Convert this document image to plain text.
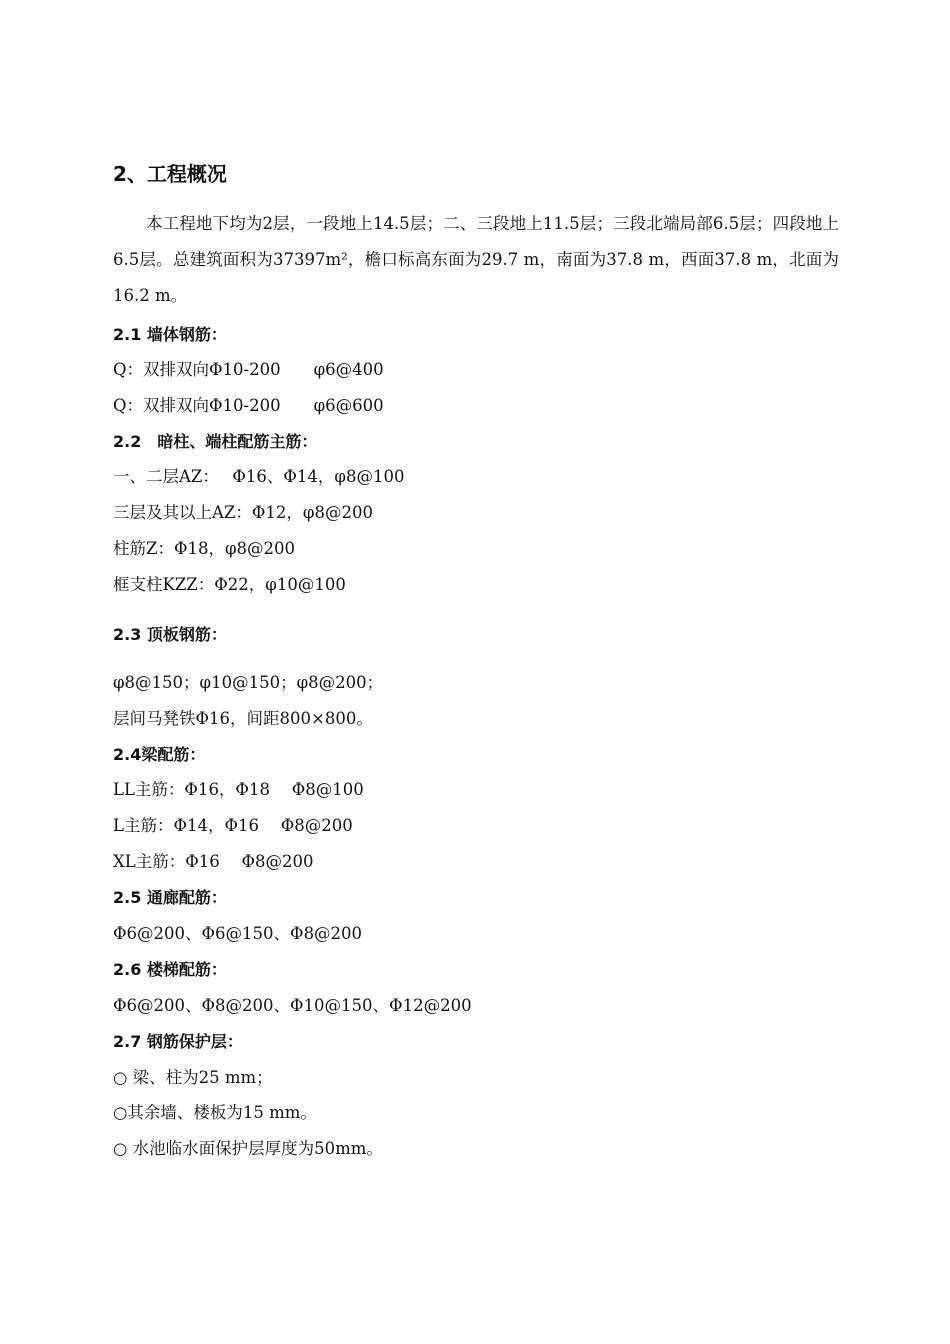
2、工程概况
本工程地下均为2层，一段地上14.5层；二、三段地上11.5层；三段北端局部6.5层；四段地上6.5层。总建筑面积为37397m²，檐口标高东面为29.7 m，南面为37.8 m，西面37.8 m，北面为16.2 m。
2.1 墙体钢筋：
Q：双排双向Φ10-200　　φ6@400
Q：双排双向Φ10-200　　φ6@600
2.2　暗柱、端柱配筋主筋：
一、二层AZ：　 Φ16、Φ14，φ8@100
三层及其以上AZ：Φ12，φ8@200
柱筋Z：Φ18，φ8@200
框支柱KZZ：Φ22，φ10@100
2.3 顶板钢筋：
φ8@150；φ10@150；φ8@200；
层间马凳铁Φ16，间距800×800。
2.4梁配筋：
LL主筋：Φ16，Φ18　 Φ8@100
L主筋：Φ14，Φ16　 Φ8@200
XL主筋：Φ16　 Φ8@200
2.5 通廊配筋：
Φ6@200、Φ6@150、Φ8@200
2.6 楼梯配筋：
Φ6@200、Φ8@200、Φ10@150、Φ12@200
2.7 钢筋保护层：
○ 梁、柱为25 mm；
○其余墙、楼板为15 mm。
○ 水池临水面保护层厚度为50mm。
